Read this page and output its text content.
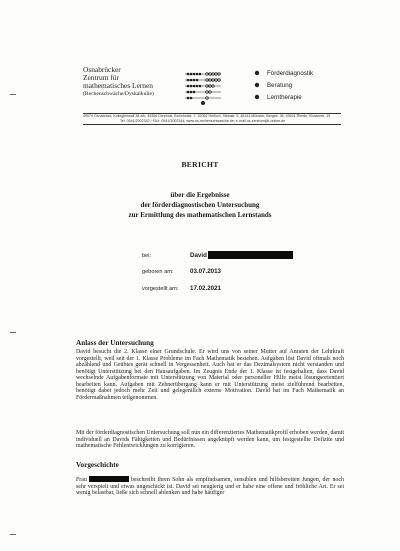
Osnabrücker
Zentrum für
mathematisches Lernen
(Rechenschwäche/Dyskalkulie)
Förderdiagnostik
Beratung
Lerntherapie
49074 Osnabrück, Kollegienwall 38 a/b, 49356 Diepholz, Bahnhofstr. 7, 32052 Herford, Steinstr. 5, 48143 Münster, Bergstr. 36, 49401 Rhede, Klosterstr. 19
Tel. 0541/2002342 / FAX: 0541/2002344; www.os-rechenschwaeche.de; e-mail os-zentrum@t-online.de
BERICHT
über die Ergebnisse
der förderdiagnostischen Untersuchung
zur Ermittlung des mathematischen Lernstands
bei:	David
geboren am:	03.07.2013
vorgestellt am: 17.02.2021
Anlass der Untersuchung
David besucht die 2. Klasse einer Grundschule. Er wird uns von seiner Mutter auf Anraten der Lehrkraft vorgestellt, weil seit der 1. Klasse Probleme im Fach Mathematik bestehen. Aufgaben löst David oftmals noch abzählend und Geübtes gerät schnell in Vergessenheit. Auch hat er das Dezimalsystem nicht verstanden und benötigt Unterstützung bei den Hausaufgaben. Im Zeugnis Ende der 1. Klasse ist festgehalten, dass David wechselnde Aufgabenformate mit Unterstützung von Material oder personeller Hilfe meist lösungsorientiert bearbeiten kann. Aufgaben mit Zehnerübergang kann er mit Unterstützung meist zielführend bearbeiten, benötigt dabei jedoch mehr Zeit und gelegentlich externe Motivation. David hat im Fach Mathematik an Fördermaßnahmen teilgenommen.
Mit der förderdiagnostischen Untersuchung soll nun ein differenziertes Mathematikprofil erhoben werden, damit individuell an Davids Fähigkeiten und Bedürfnissen angeknüpft werden kann, um festgestellte Defizite und mathematische Fehlentwicklungen zu korrigieren.
Vorgeschichte
Frau	beschreibt ihren Sohn als empfindsamen, sensiblen und hilfsbereiten Jungen, der noch sehr verspielt und etwas ungeschickt ist. David sei neugierig und er habe eine offene und fröhliche Art. Er sei wenig belastbar, ließe sich schnell ablenken und habe häufiger
